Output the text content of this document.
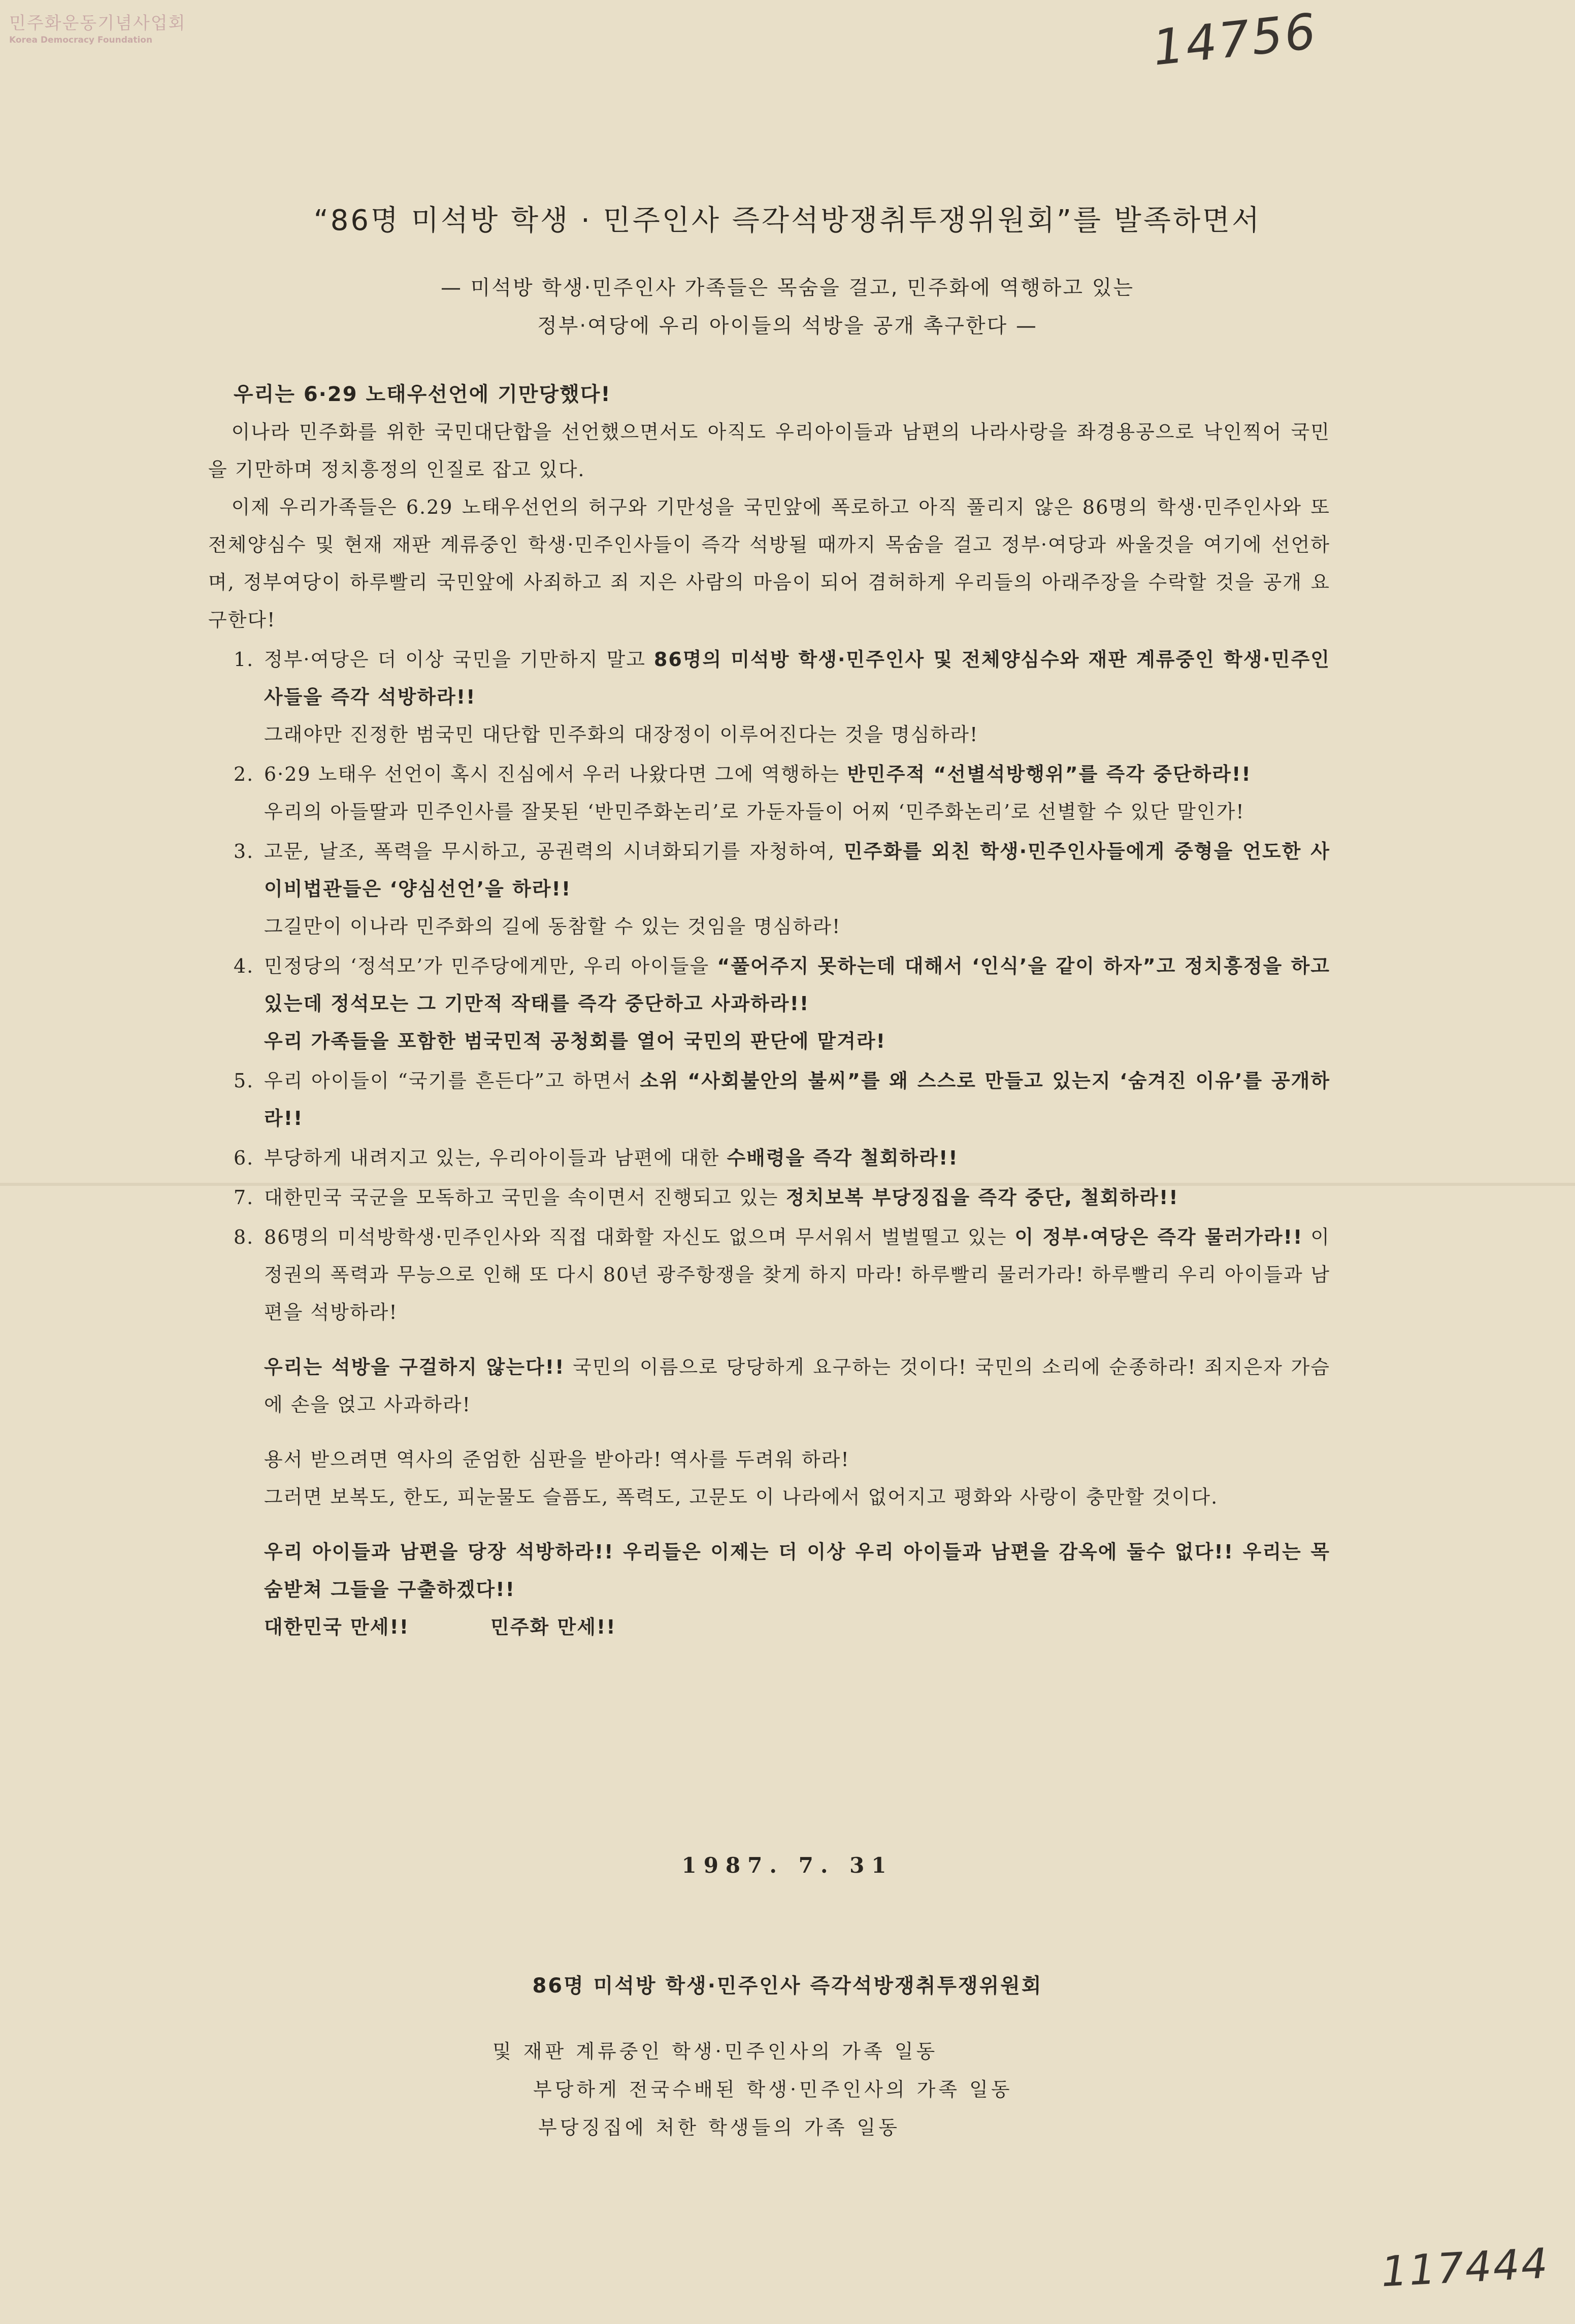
민주화운동기념사업회
Korea Democracy Foundation	14756
“86명 미석방 학생 · 민주인사 즉각석방쟁취투쟁위원회”를 발족하면서
— 미석방 학생·민주인사 가족들은 목숨을 걸고, 민주화에 역행하고 있는
정부·여당에 우리 아이들의 석방을 공개 촉구한다 —

우리는 6·29 노태우선언에 기만당했다!

이나라 민주화를 위한 국민대단합을 선언했으면서도 아직도 우리아이들과 남편의 나라사랑을 좌경용공으로 낙인찍어 국민을 기만하며 정치흥정의 인질로 잡고 있다.

이제 우리가족들은 6.29 노태우선언의 허구와 기만성을 국민앞에 폭로하고 아직 풀리지 않은 86명의 학생·민주인사와 또 전체양심수 및 현재 재판 계류중인 학생·민주인사들이 즉각 석방될 때까지 목숨을 걸고 정부·여당과 싸울것을 여기에 선언하며, 정부여당이 하루빨리 국민앞에 사죄하고 죄 지은 사람의 마음이 되어 겸허하게 우리들의 아래주장을 수락할 것을 공개 요구한다!

1. 정부·여당은 더 이상 국민을 기만하지 말고 86명의 미석방 학생·민주인사 및 전체양심수와 재판 계류중인 학생·민주인사들을 즉각 석방하라!!

그래야만 진정한 범국민 대단합 민주화의 대장정이 이루어진다는 것을 명심하라!

2. 6·29 노태우 선언이 혹시 진심에서 우러 나왔다면 그에 역행하는 반민주적 “선별석방행위”를 즉각 중단하라!!

우리의 아들딸과 민주인사를 잘못된 ‘반민주화논리’로 가둔자들이 어찌 ‘민주화논리’로 선별할 수 있단 말인가!

3. 고문, 날조, 폭력을 무시하고, 공권력의 시녀화되기를 자청하여, 민주화를 외친 학생·민주인사들에게 중형을 언도한 사이비법관들은 ‘양심선언’을 하라!!

그길만이 이나라 민주화의 길에 동참할 수 있는 것임을 명심하라!

4. 민정당의 ‘정석모’가 민주당에게만, 우리 아이들을 “풀어주지 못하는데 대해서 ‘인식’을 같이 하자”고 정치흥정을 하고 있는데 정석모는 그 기만적 작태를 즉각 중단하고 사과하라!!

우리 가족들을 포함한 범국민적 공청회를 열어 국민의 판단에 맡겨라!

5. 우리 아이들이 “국기를 흔든다”고 하면서 소위 “사회불안의 불씨”를 왜 스스로 만들고 있는지 ‘숨겨진 이유’를 공개하라!!

6. 부당하게 내려지고 있는, 우리아이들과 남편에 대한 수배령을 즉각 철회하라!!

7. 대한민국 국군을 모독하고 국민을 속이면서 진행되고 있는 정치보복 부당징집을 즉각 중단, 철회하라!!

8. 86명의 미석방학생·민주인사와 직접 대화할 자신도 없으며 무서워서 벌벌떨고 있는 이 정부·여당은 즉각 물러가라!! 이 정권의 폭력과 무능으로 인해 또 다시 80년 광주항쟁을 찾게 하지 마라! 하루빨리 물러가라! 하루빨리 우리 아이들과 남편을 석방하라!

우리는 석방을 구걸하지 않는다!! 국민의 이름으로 당당하게 요구하는 것이다! 국민의 소리에 순종하라! 죄지은자 가슴에 손을 얹고 사과하라!

용서 받으려면 역사의 준엄한 심판을 받아라! 역사를 두려워 하라!

그러면 보복도, 한도, 피눈물도 슬픔도, 폭력도, 고문도 이 나라에서 없어지고 평화와 사랑이 충만할 것이다.

우리 아이들과 남편을 당장 석방하라!! 우리들은 이제는 더 이상 우리 아이들과 남편을 감옥에 둘수 없다!! 우리는 목숨받쳐 그들을 구출하겠다!!

대한민국 만세!!	민주화 만세!!

1987. 7. 31
86명 미석방 학생·민주인사 즉각석방쟁취투쟁위원회
및 재판 계류중인 학생·민주인사의 가족 일동
부당하게 전국수배된 학생·민주인사의 가족 일동
부당징집에 처한 학생들의 가족 일동
117444
